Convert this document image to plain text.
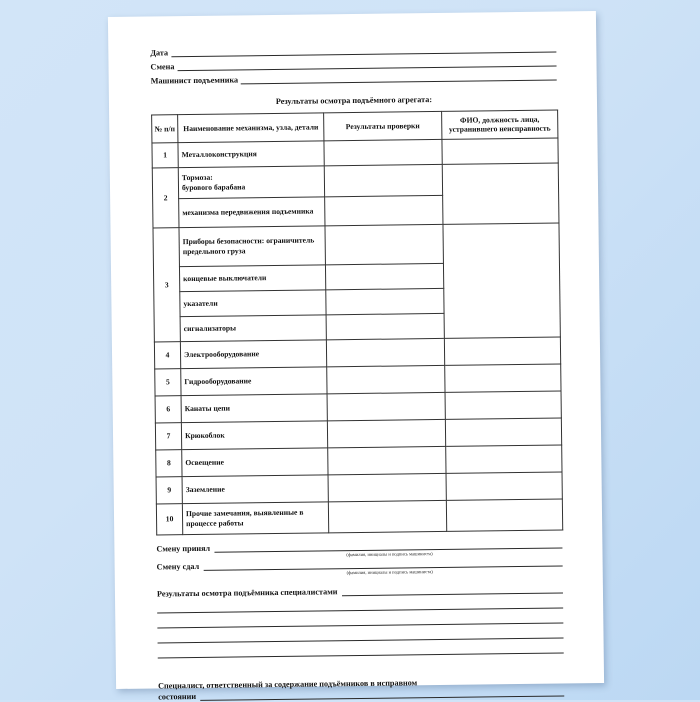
Дата
Смена
Машинист подъемника
Результаты осмотра подъёмного агрегата:
№ п/п	Наименование механизма, узла, детали	Результаты проверки	ФИО, должность лица, устранившего неисправность
1	Металлоконструкция		
2	Тормоза:
бурового барабана		
	механизма передвижения подъемника		
3	Приборы безопасности: ограничитель предельного груза		
	концевые выключатели		
	указатели		
	сигнализаторы		
4	Электрооборудование		
5	Гидрооборудование		
6	Канаты цепи		
7	Крюкоблок		
8	Освещение		
9	Заземление		
10	Прочие замечания, выявленные в процессе работы		
Смену принял
(фамилия, инициалы и подпись машиниста)
Смену сдал
(фамилия, инициалы и подпись машиниста)
Результаты осмотра подъёмника специалистами
Специалист, ответственный за содержание подъёмников в исправном
состоянии
